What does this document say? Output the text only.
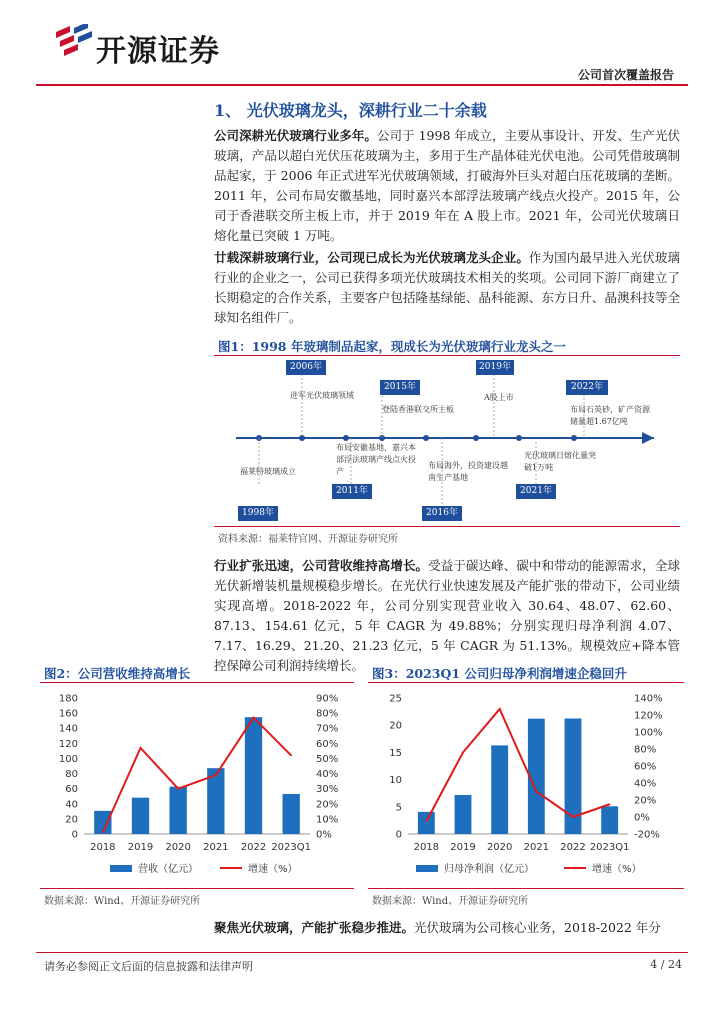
开源证券
公司首次覆盖报告
1、 光伏玻璃龙头，深耕行业二十余载
公司深耕光伏玻璃行业多年。公司于 1998 年成立，主要从事设计、开发、生产光伏玻璃，产品以超白光伏压花玻璃为主，多用于生产晶体硅光伏电池。公司凭借玻璃制品起家，于 2006 年正式进军光伏玻璃领域，打破海外巨头对超白压花玻璃的垄断。2011 年，公司布局安徽基地，同时嘉兴本部浮法玻璃产线点火投产。2015 年，公司于香港联交所主板上市，并于 2019 年在 A 股上市。2021 年，公司光伏玻璃日熔化量已突破 1 万吨。
廿载深耕玻璃行业，公司现已成长为光伏玻璃龙头企业。作为国内最早进入光伏玻璃行业的企业之一，公司已获得多项光伏玻璃技术相关的奖项。公司同下游厂商建立了长期稳定的合作关系，主要客户包括隆基绿能、晶科能源、东方日升、晶澳科技等全球知名组件厂。
图1：1998 年玻璃制品起家，现成长为光伏玻璃行业龙头之一
2006年
进军光伏玻璃领域
2015年
登陆香港联交所主板
2019年
A股上市
2022年
布局石英砂，矿产资源储量超1.67亿吨
布局安徽基地，嘉兴本部浮法玻璃产线点火投产
2011年
福莱特玻璃成立
1998年
布局海外，投资建设越南生产基地
2016年
光伏玻璃日熔化量突破1万吨
2021年
资料来源：福莱特官网、开源证券研究所
行业扩张迅速，公司营收维持高增长。受益于碳达峰、碳中和带动的能源需求，全球光伏新增装机量规模稳步增长。在光伏行业快速发展及产能扩张的带动下，公司业绩实现高增。2018-2022 年，公司分别实现营业收入 30.64、48.07、62.60、87.13、154.61 亿元，5 年 CAGR 为 49.88%；分别实现归母净利润 4.07、7.17、16.29、21.20、21.23 亿元，5 年 CAGR 为 51.13%。规模效应+降本管控保障公司利润持续增长。
图2：公司营收维持高增长
0
20
40
60
80
100
120
140
160
180
0%
10%
20%
30%
40%
50%
60%
70%
80%
90%
2018 2019 2020 2021 2022 2023Q1
营收（亿元）	增速（%）
数据来源：Wind、开源证券研究所
图3：2023Q1 公司归母净利润增速企稳回升
0
5
10
15
20
25
-20%
0%
20%
40%
60%
80%
100%
120%
140%
2018 2019 2020 2021 2022 2023Q1
归母净利润（亿元）	增速（%）
数据来源：Wind、开源证券研究所
聚焦光伏玻璃，产能扩张稳步推进。光伏玻璃为公司核心业务，2018-2022 年分
请务必参阅正文后面的信息披露和法律声明	4 / 24
